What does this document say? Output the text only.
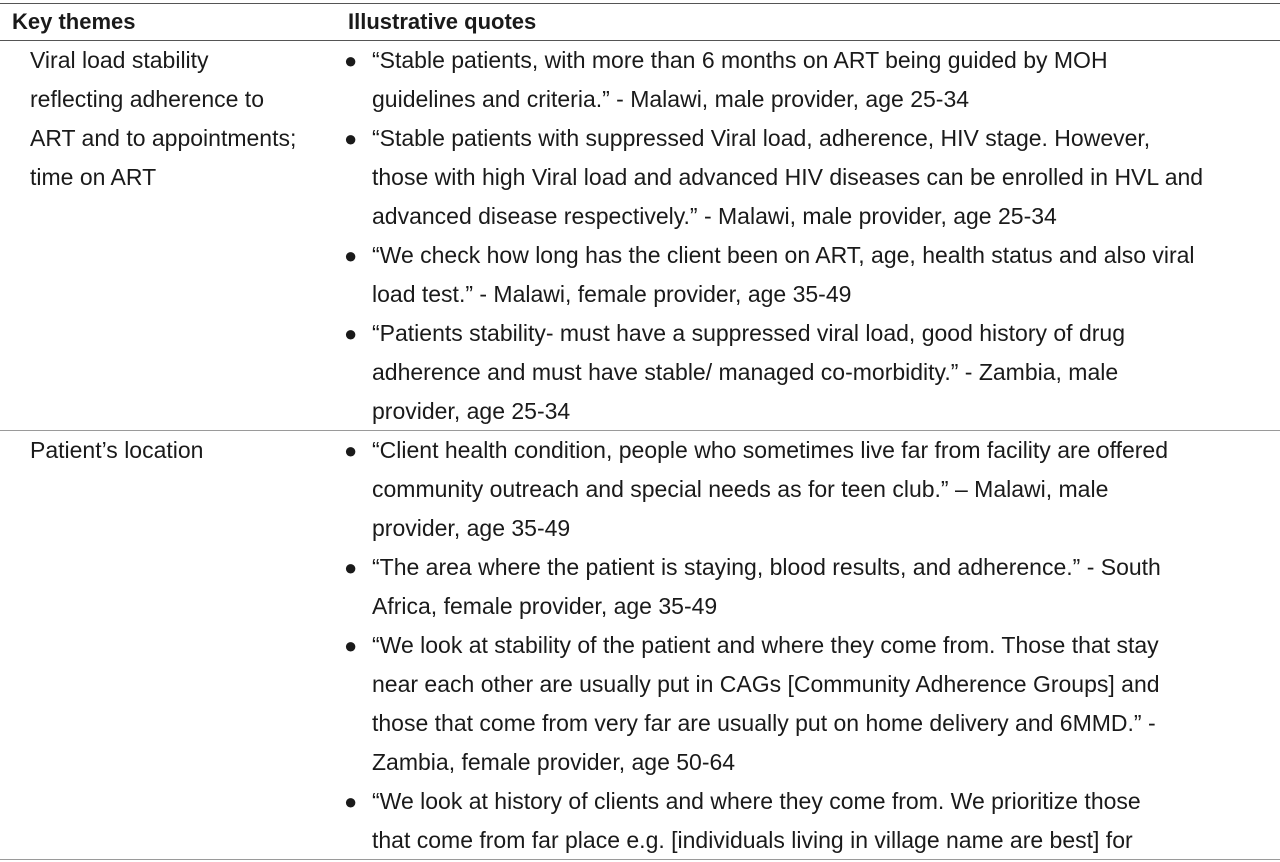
Key themes	Illustrative quotes
Viral load stability
reflecting adherence to
ART and to appointments;
time on ART
● “Stable patients, with more than 6 months on ART being guided by MOH
guidelines and criteria.” - Malawi, male provider, age 25-34
● “Stable patients with suppressed Viral load, adherence, HIV stage. However,
those with high Viral load and advanced HIV diseases can be enrolled in HVL and
advanced disease respectively.” - Malawi, male provider, age 25-34
● “We check how long has the client been on ART, age, health status and also viral
load test.” - Malawi, female provider, age 35-49
● “Patients stability- must have a suppressed viral load, good history of drug
adherence and must have stable/ managed co-morbidity.” - Zambia, male
provider, age 25-34
Patient’s location	● “Client health condition, people who sometimes live far from facility are offered
community outreach and special needs as for teen club.” – Malawi, male
provider, age 35-49
● “The area where the patient is staying, blood results, and adherence.” - South
Africa, female provider, age 35-49
● “We look at stability of the patient and where they come from. Those that stay
near each other are usually put in CAGs [Community Adherence Groups] and
those that come from very far are usually put on home delivery and 6MMD.” -
Zambia, female provider, age 50-64
● “We look at history of clients and where they come from. We prioritize those
that come from far place e.g. [individuals living in village name are best] for
